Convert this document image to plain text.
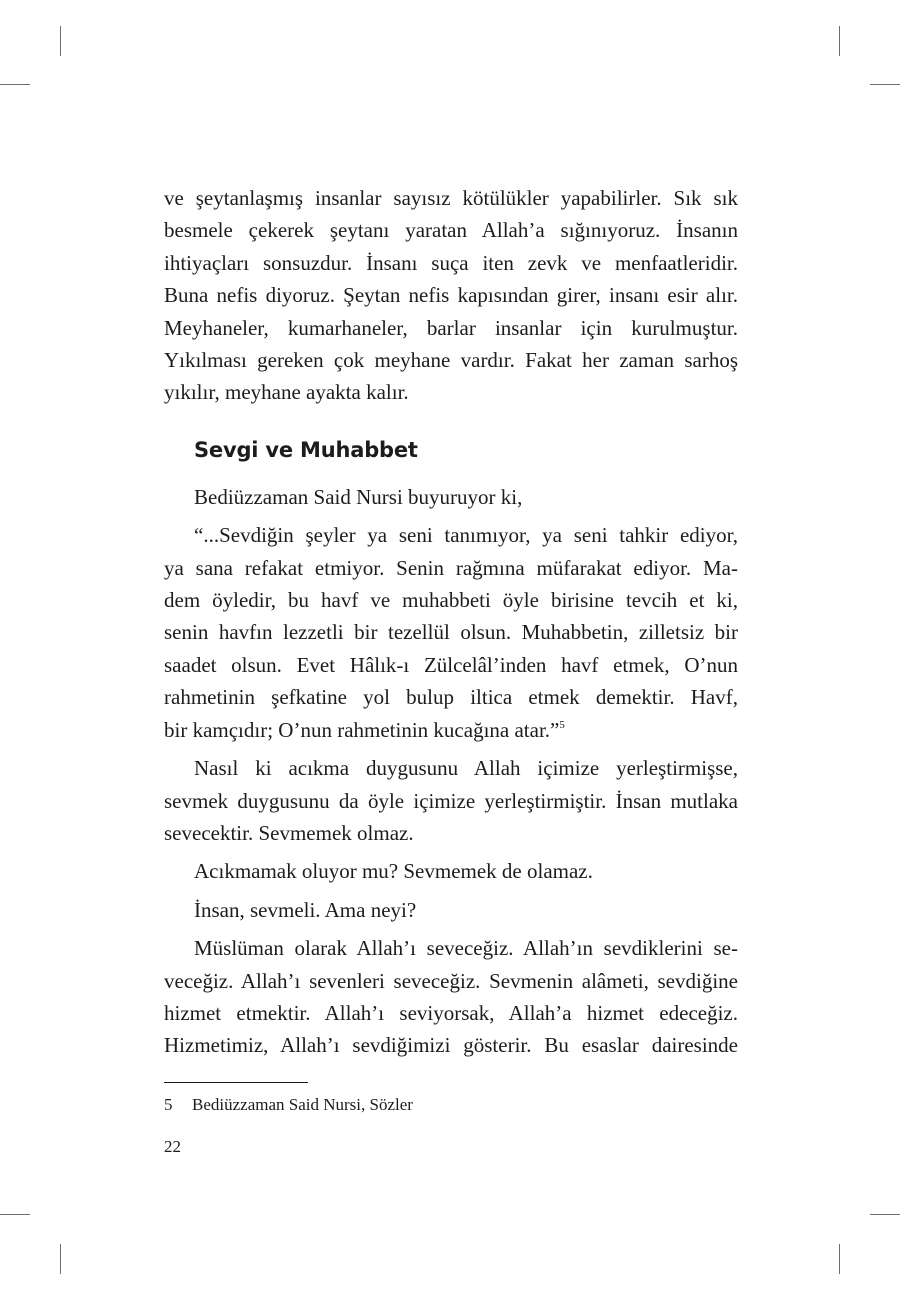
ve şeytanlaşmış insanlar sayısız kötülükler yapabilirler. Sık sık
besmele çekerek şeytanı yaratan Allah’a sığınıyoruz. İnsanın
ihtiyaçları sonsuzdur. İnsanı suça iten zevk ve menfaatleridir.
Buna nefis diyoruz. Şeytan nefis kapısından girer, insanı esir alır.
Meyhaneler, kumarhaneler, barlar insanlar için kurulmuştur.
Yıkılması gereken çok meyhane vardır. Fakat her zaman sarhoş
yıkılır, meyhane ayakta kalır.
Sevgi ve Muhabbet
Bediüzzaman Said Nursi buyuruyor ki,
“...Sevdiğin şeyler ya seni tanımıyor, ya seni tahkir ediyor,
ya sana refakat etmiyor. Senin rağmına müfarakat ediyor. Ma-
dem öyledir, bu havf ve muhabbeti öyle birisine tevcih et ki,
senin havfın lezzetli bir tezellül olsun. Muhabbetin, zilletsiz bir
saadet olsun. Evet Hâlık-ı Zülcelâl’inden havf etmek, O’nun
rahmetinin şefkatine yol bulup iltica etmek demektir. Havf,
bir kamçıdır; O’nun rahmetinin kucağına atar.”$^5$
Nasıl ki acıkma duygusunu Allah içimize yerleştirmişse,
sevmek duygusunu da öyle içimize yerleştirmiştir. İnsan mutlaka
sevecektir. Sevmemek olmaz.
Acıkmamak oluyor mu? Sevmemek de olamaz.
İnsan, sevmeli. Ama neyi?
Müslüman olarak Allah’ı seveceğiz. Allah’ın sevdiklerini se-
veceğiz. Allah’ı sevenleri seveceğiz. Sevmenin alâmeti, sevdiğine
hizmet etmektir. Allah’ı seviyorsak, Allah’a hizmet edeceğiz.
Hizmetimiz, Allah’ı sevdiğimizi gösterir. Bu esaslar dairesinde
5 Bediüzzaman Said Nursi, Sözler
22
